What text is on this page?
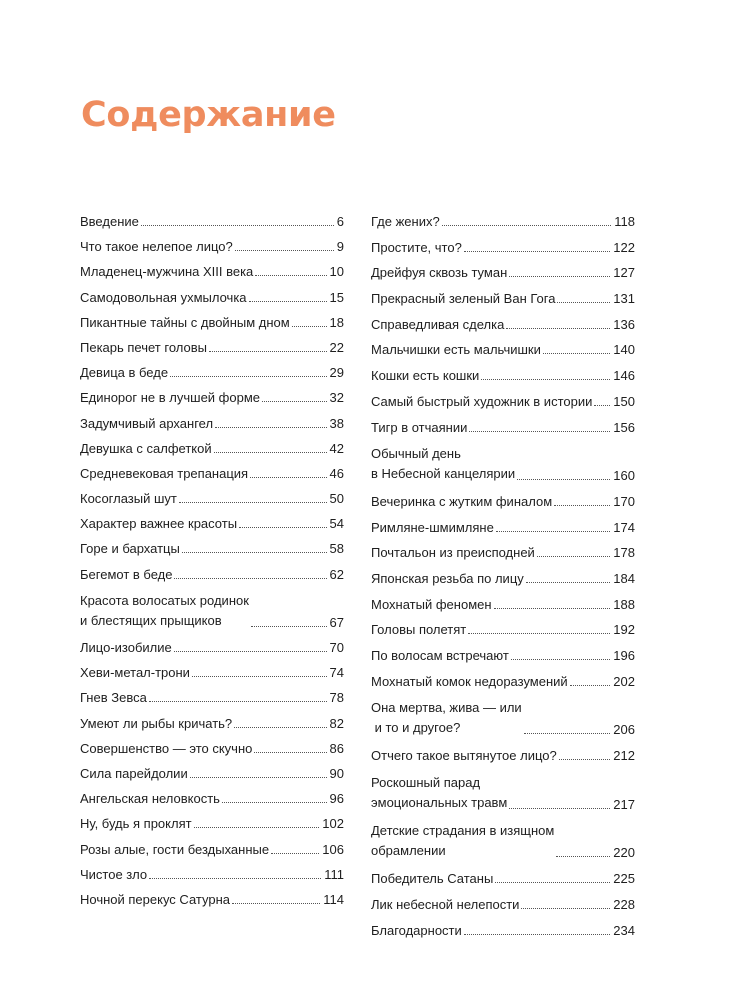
Содержание
Введение	6
Что такое нелепое лицо?	9
Младенец-мужчина XIII века	10
Самодовольная ухмылочка	15
Пикантные тайны с двойным дном	18
Пекарь печет головы	22
Девица в беде	29
Единорог не в лучшей форме	32
Задумчивый архангел	38
Девушка с салфеткой	42
Средневековая трепанация	46
Косоглазый шут	50
Характер важнее красоты	54
Горе и бархатцы	58
Бегемот в беде	62
Красота волосатых родинок
и блестящих прыщиков	67
Лицо-изобилие	70
Хеви-метал-трони	74
Гнев Зевса	78
Умеют ли рыбы кричать?	82
Совершенство — это скучно	86
Сила парейдолии	90
Ангельская неловкость	96
Ну, будь я проклят	102
Розы алые, гости бездыханные	106
Чистое зло	111
Ночной перекус Сатурна	114
Где жених?	118
Простите, что?	122
Дрейфуя сквозь туман	127
Прекрасный зеленый Ван Гога	131
Справедливая сделка	136
Мальчишки есть мальчишки	140
Кошки есть кошки	146
Самый быстрый художник в истории 150
Тигр в отчаянии	156
Обычный день
в Небесной канцелярии	160
Вечеринка с жутким финалом	170
Римляне-шмимляне	174
Почтальон из преисподней	178
Японская резьба по лицу	184
Мохнатый феномен	188
Головы полетят	192
По волосам встречают	196
Мохнатый комок недоразумений	202
Она мертва, жива — или
и то и другое?	206
Отчего такое вытянутое лицо?	212
Роскошный парад
эмоциональных травм	217
Детские страдания в изящном
обрамлении	220
Победитель Сатаны	225
Лик небесной нелепости	228
Благодарности	234
